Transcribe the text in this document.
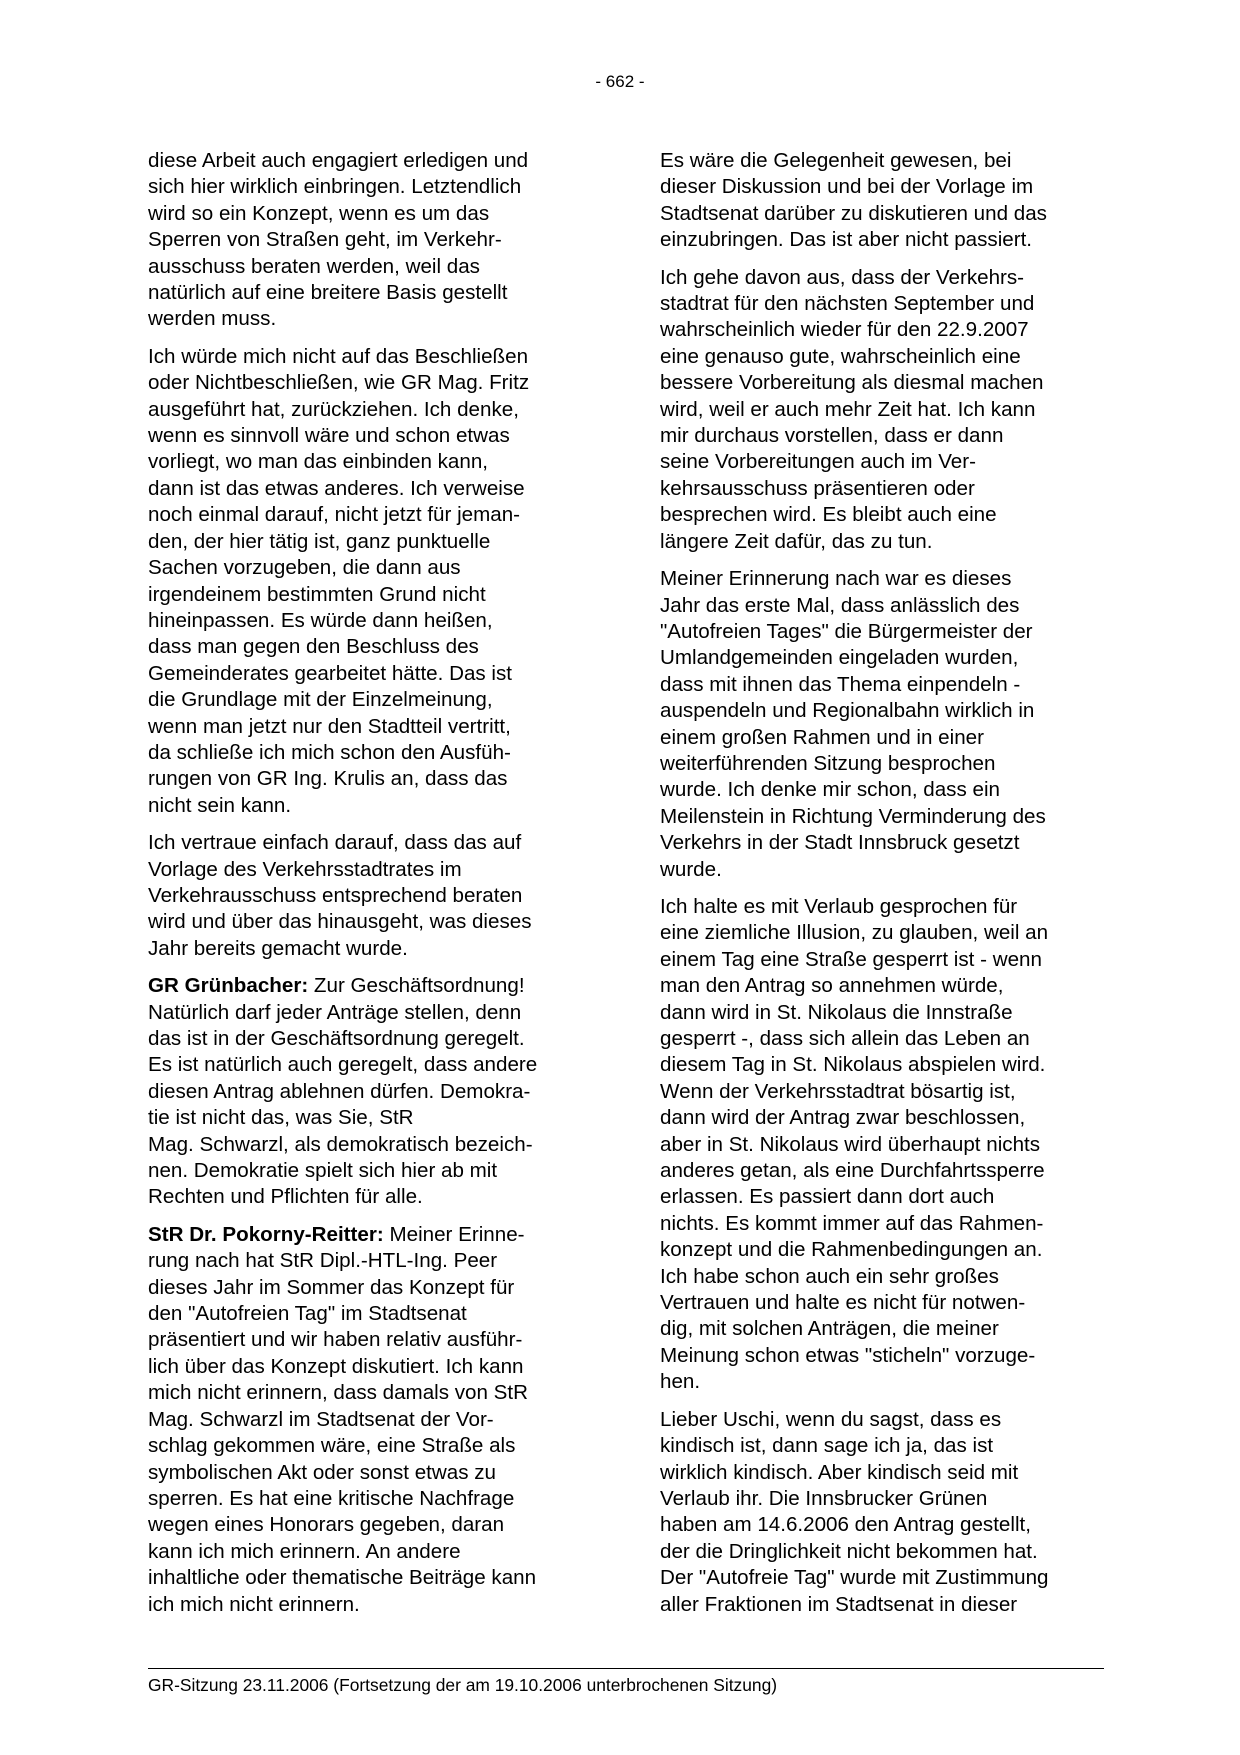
- 662 -

diese Arbeit auch engagiert erledigen und
sich hier wirklich einbringen. Letztendlich
wird so ein Konzept, wenn es um das
Sperren von Straßen geht, im Verkehr-
ausschuss beraten werden, weil das
natürlich auf eine breitere Basis gestellt
werden muss.

Ich würde mich nicht auf das Beschließen
oder Nichtbeschließen, wie GR Mag. Fritz
ausgeführt hat, zurückziehen. Ich denke,
wenn es sinnvoll wäre und schon etwas
vorliegt, wo man das einbinden kann,
dann ist das etwas anderes. Ich verweise
noch einmal darauf, nicht jetzt für jeman-
den, der hier tätig ist, ganz punktuelle
Sachen vorzugeben, die dann aus
irgendeinem bestimmten Grund nicht
hineinpassen. Es würde dann heißen,
dass man gegen den Beschluss des
Gemeinderates gearbeitet hätte. Das ist
die Grundlage mit der Einzelmeinung,
wenn man jetzt nur den Stadtteil vertritt,
da schließe ich mich schon den Ausfüh-
rungen von GR Ing. Krulis an, dass das
nicht sein kann.

Ich vertraue einfach darauf, dass das auf
Vorlage des Verkehrsstadtrates im
Verkehrausschuss entsprechend beraten
wird und über das hinausgeht, was dieses
Jahr bereits gemacht wurde.

GR Grünbacher: Zur Geschäftsordnung!
Natürlich darf jeder Anträge stellen, denn
das ist in der Geschäftsordnung geregelt.
Es ist natürlich auch geregelt, dass andere
diesen Antrag ablehnen dürfen. Demokra-
tie ist nicht das, was Sie, StR
Mag. Schwarzl, als demokratisch bezeich-
nen. Demokratie spielt sich hier ab mit
Rechten und Pflichten für alle.

StR Dr. Pokorny-Reitter: Meiner Erinne-
rung nach hat StR Dipl.-HTL-Ing. Peer
dieses Jahr im Sommer das Konzept für
den "Autofreien Tag" im Stadtsenat
präsentiert und wir haben relativ ausführ-
lich über das Konzept diskutiert. Ich kann
mich nicht erinnern, dass damals von StR
Mag. Schwarzl im Stadtsenat der Vor-
schlag gekommen wäre, eine Straße als
symbolischen Akt oder sonst etwas zu
sperren. Es hat eine kritische Nachfrage
wegen eines Honorars gegeben, daran
kann ich mich erinnern. An andere
inhaltliche oder thematische Beiträge kann
ich mich nicht erinnern.

Es wäre die Gelegenheit gewesen, bei
dieser Diskussion und bei der Vorlage im
Stadtsenat darüber zu diskutieren und das
einzubringen. Das ist aber nicht passiert.

Ich gehe davon aus, dass der Verkehrs-
stadtrat für den nächsten September und
wahrscheinlich wieder für den 22.9.2007
eine genauso gute, wahrscheinlich eine
bessere Vorbereitung als diesmal machen
wird, weil er auch mehr Zeit hat. Ich kann
mir durchaus vorstellen, dass er dann
seine Vorbereitungen auch im Ver-
kehrsausschuss präsentieren oder
besprechen wird. Es bleibt auch eine
längere Zeit dafür, das zu tun.

Meiner Erinnerung nach war es dieses
Jahr das erste Mal, dass anlässlich des
"Autofreien Tages" die Bürgermeister der
Umlandgemeinden eingeladen wurden,
dass mit ihnen das Thema einpendeln -
auspendeln und Regionalbahn wirklich in
einem großen Rahmen und in einer
weiterführenden Sitzung besprochen
wurde. Ich denke mir schon, dass ein
Meilenstein in Richtung Verminderung des
Verkehrs in der Stadt Innsbruck gesetzt
wurde.

Ich halte es mit Verlaub gesprochen für
eine ziemliche Illusion, zu glauben, weil an
einem Tag eine Straße gesperrt ist - wenn
man den Antrag so annehmen würde,
dann wird in St. Nikolaus die Innstraße
gesperrt -, dass sich allein das Leben an
diesem Tag in St. Nikolaus abspielen wird.
Wenn der Verkehrsstadtrat bösartig ist,
dann wird der Antrag zwar beschlossen,
aber in St. Nikolaus wird überhaupt nichts
anderes getan, als eine Durchfahrtssperre
erlassen. Es passiert dann dort auch
nichts. Es kommt immer auf das Rahmen-
konzept und die Rahmenbedingungen an.
Ich habe schon auch ein sehr großes
Vertrauen und halte es nicht für notwen-
dig, mit solchen Anträgen, die meiner
Meinung schon etwas "sticheln" vorzuge-
hen.

Lieber Uschi, wenn du sagst, dass es
kindisch ist, dann sage ich ja, das ist
wirklich kindisch. Aber kindisch seid mit
Verlaub ihr. Die Innsbrucker Grünen
haben am 14.6.2006 den Antrag gestellt,
der die Dringlichkeit nicht bekommen hat.
Der "Autofreie Tag" wurde mit Zustimmung
aller Fraktionen im Stadtsenat in dieser

GR-Sitzung 23.11.2006 (Fortsetzung der am 19.10.2006 unterbrochenen Sitzung)
